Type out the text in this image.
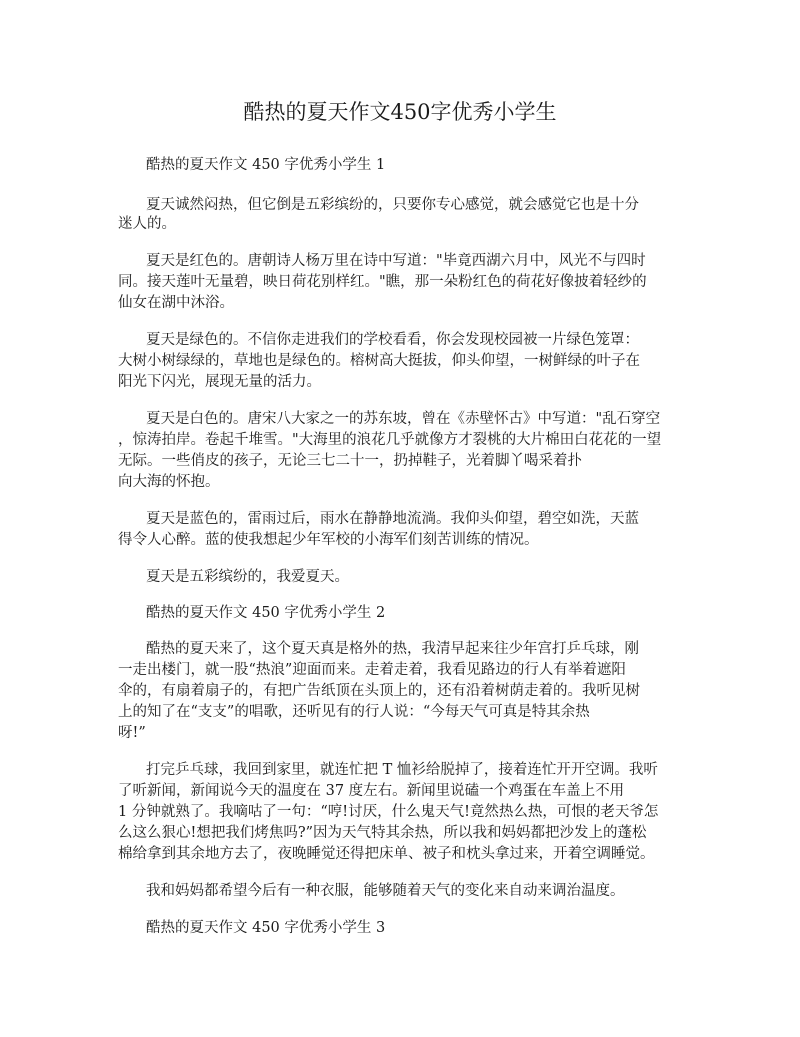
酷热的夏天作文450字优秀小学生
酷热的夏天作文 450 字优秀小学生 1
夏天诚然闷热，但它倒是五彩缤纷的，只要你专心感觉，就会感觉它也是十分
迷人的。
夏天是红色的。唐朝诗人杨万里在诗中写道："毕竟西湖六月中，风光不与四时
同。接天莲叶无量碧，映日荷花别样红。"瞧，那一朵粉红色的荷花好像披着轻纱的
仙女在湖中沐浴。
夏天是绿色的。不信你走进我们的学校看看，你会发现校园被一片绿色笼罩：
大树小树绿绿的，草地也是绿色的。榕树高大挺拔，仰头仰望，一树鲜绿的叶子在
阳光下闪光，展现无量的活力。
夏天是白色的。唐宋八大家之一的苏东坡，曾在《赤壁怀古》中写道："乱石穿空
，惊涛拍岸。卷起千堆雪。"大海里的浪花几乎就像方才裂桃的大片棉田白花花的一望
无际。一些俏皮的孩子，无论三七二十一，扔掉鞋子，光着脚丫喝采着扑
向大海的怀抱。
夏天是蓝色的，雷雨过后，雨水在静静地流淌。我仰头仰望，碧空如洗，天蓝
得令人心醉。蓝的使我想起少年军校的小海军们刻苦训练的情况。
夏天是五彩缤纷的，我爱夏天。
酷热的夏天作文 450 字优秀小学生 2
酷热的夏天来了，这个夏天真是格外的热，我清早起来往少年宫打乒乓球，刚
一走出楼门，就一股“热浪”迎面而来。走着走着，我看见路边的行人有举着遮阳
伞的，有扇着扇子的，有把广告纸顶在头顶上的，还有沿着树荫走着的。我听见树
上的知了在“支支”的唱歌，还听见有的行人说：“今每天气可真是特其余热
呀!”
打完乒乓球，我回到家里，就连忙把 T 恤衫给脱掉了，接着连忙开开空调。我听
了听新闻，新闻说今天的温度在 37 度左右。新闻里说磕一个鸡蛋在车盖上不用
1 分钟就熟了。我嘀咕了一句：“哼!讨厌，什么鬼天气!竟然热么热，可恨的老天爷怎
么这么狠心!想把我们烤焦吗?”因为天气特其余热，所以我和妈妈都把沙发上的蓬松
棉给拿到其余地方去了，夜晚睡觉还得把床单、被子和枕头拿过来，开着空调睡觉。
我和妈妈都希望今后有一种衣服，能够随着天气的变化来自动来调治温度。
酷热的夏天作文 450 字优秀小学生 3
